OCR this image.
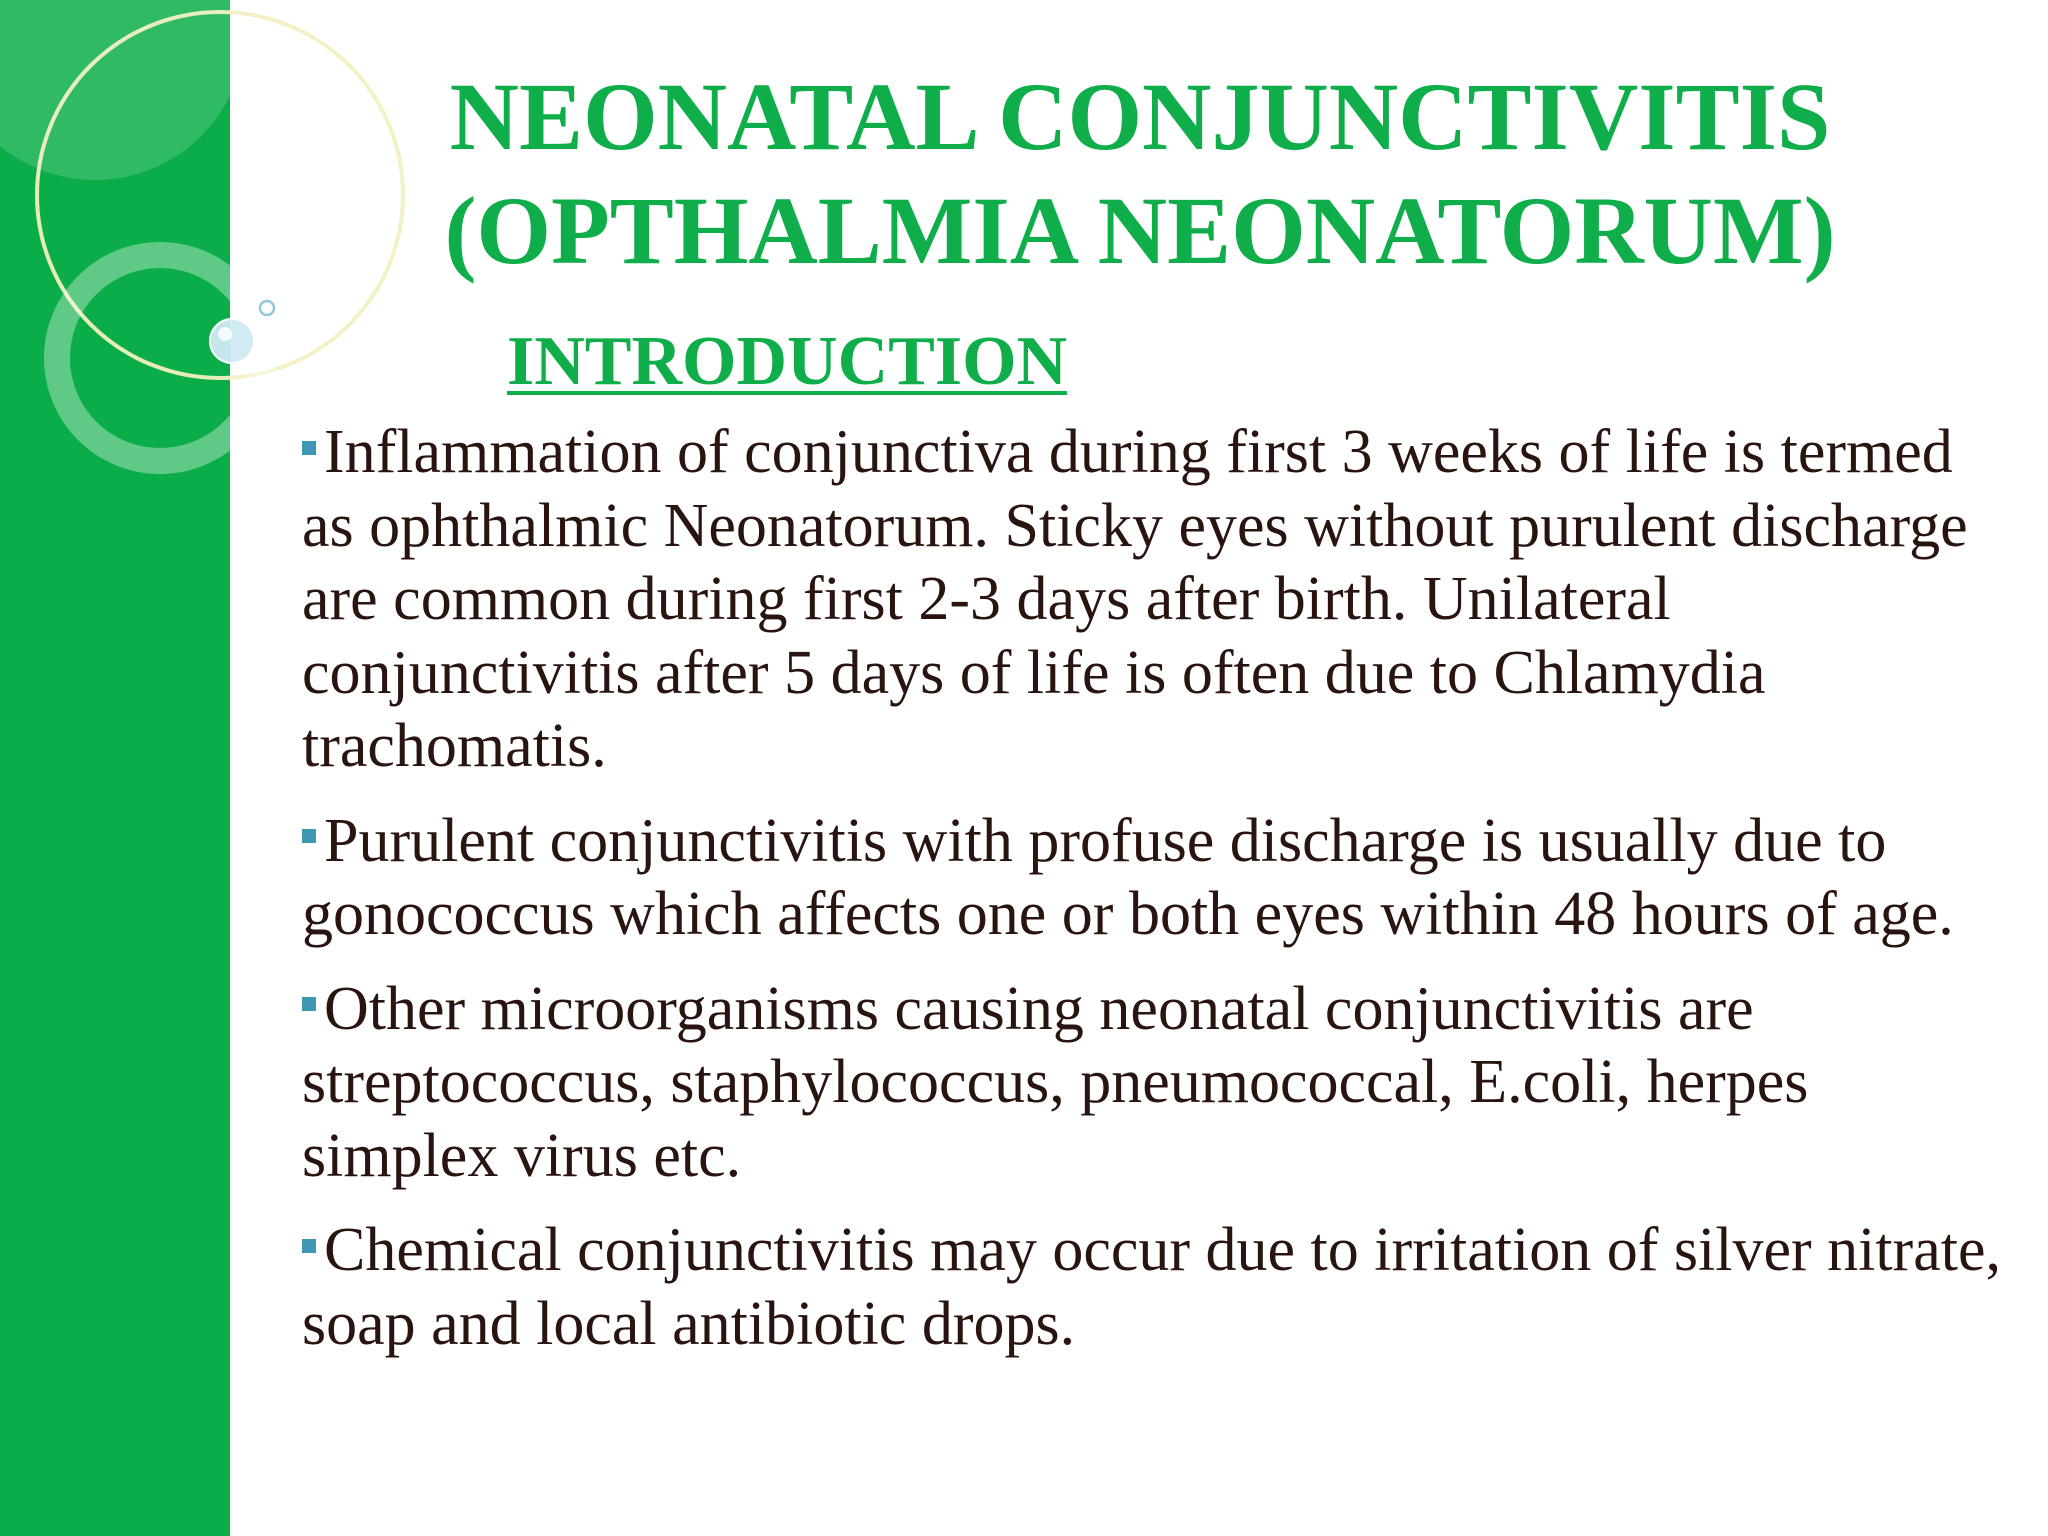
NEONATAL CONJUNCTIVITIS
(OPTHALMIA NEONATORUM)
INTRODUCTION
Inflammation of conjunctiva during first 3 weeks of life is termed as ophthalmic Neonatorum. Sticky eyes without purulent discharge are common during first 2-3 days after birth. Unilateral conjunctivitis after 5 days of life is often due to Chlamydia trachomatis.
Purulent conjunctivitis with profuse discharge is usually due to gonococcus which affects one or both eyes within 48 hours of age.
Other microorganisms causing neonatal conjunctivitis are streptococcus, staphylococcus, pneumococcal, E.coli, herpes simplex virus etc.
Chemical conjunctivitis may occur due to irritation of silver nitrate, soap and local antibiotic drops.
